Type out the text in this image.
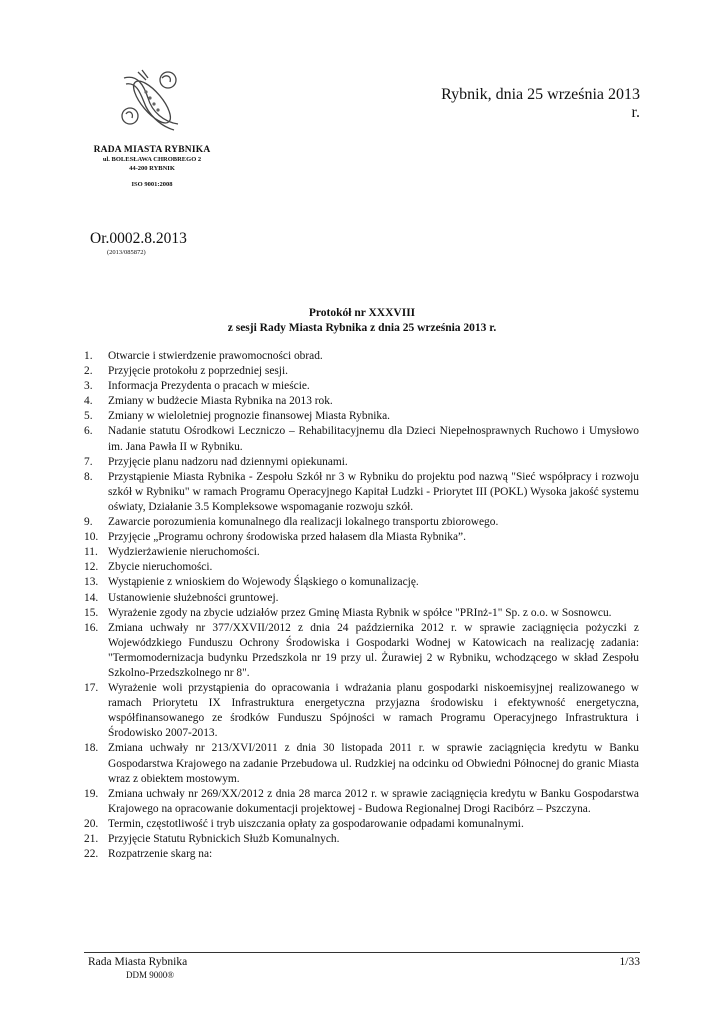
RADA MIASTA RYBNIKA
ul. BOLESŁAWA CHROBREGO 2
44-200 RYBNIK
ISO 9001:2008
Rybnik, dnia 25 września 2013 r.
Or.0002.8.2013
(2013/085872)
Protokół nr XXXVIII
z sesji Rady Miasta Rybnika z dnia 25 września 2013 r.
1.	Otwarcie i stwierdzenie prawomocności obrad.
2.	Przyjęcie protokołu z poprzedniej sesji.
3.	Informacja Prezydenta o pracach w mieście.
4.	Zmiany w budżecie Miasta Rybnika na 2013 rok.
5.	Zmiany w wieloletniej prognozie finansowej Miasta Rybnika.
6.	Nadanie statutu Ośrodkowi Leczniczo – Rehabilitacyjnemu dla Dzieci Niepełnosprawnych Ruchowo i Umysłowo im. Jana Pawła II w Rybniku.
7.	Przyjęcie planu nadzoru nad dziennymi opiekunami.
8.	Przystąpienie Miasta Rybnika - Zespołu Szkół nr 3 w Rybniku do projektu pod nazwą "Sieć współpracy i rozwoju szkół w Rybniku" w ramach Programu Operacyjnego Kapitał Ludzki - Priorytet III (POKL) Wysoka jakość systemu oświaty, Działanie 3.5 Kompleksowe wspomaganie rozwoju szkół.
9.	Zawarcie porozumienia komunalnego dla realizacji lokalnego transportu zbiorowego.
10. Przyjęcie „Programu ochrony środowiska przed hałasem dla Miasta Rybnika”.
11. Wydzierżawienie nieruchomości.
12. Zbycie nieruchomości.
13. Wystąpienie z wnioskiem do Wojewody Śląskiego o komunalizację.
14. Ustanowienie służebności gruntowej.
15. Wyrażenie zgody na zbycie udziałów przez Gminę Miasta Rybnik w spółce "PRInż-1" Sp. z o.o. w Sosnowcu.
16. Zmiana uchwały nr 377/XXVII/2012 z dnia 24 października 2012 r. w sprawie zaciągnięcia pożyczki z Wojewódzkiego Funduszu Ochrony Środowiska i Gospodarki Wodnej w Katowicach na realizację zadania: "Termomodernizacja budynku Przedszkola nr 19 przy ul. Żurawiej 2 w Rybniku, wchodzącego w skład Zespołu Szkolno-Przedszkolnego nr 8".
17. Wyrażenie woli przystąpienia do opracowania i wdrażania planu gospodarki niskoemisyjnej realizowanego w ramach Priorytetu IX Infrastruktura energetyczna przyjazna środowisku i efektywność energetyczna, współfinansowanego ze środków Funduszu Spójności w ramach Programu Operacyjnego Infrastruktura i Środowisko 2007-2013.
18. Zmiana uchwały nr 213/XVI/2011 z dnia 30 listopada 2011 r. w sprawie zaciągnięcia kredytu w Banku Gospodarstwa Krajowego na zadanie Przebudowa ul. Rudzkiej na odcinku od Obwiedni Północnej do granic Miasta wraz z obiektem mostowym.
19. Zmiana uchwały nr 269/XX/2012 z dnia 28 marca 2012 r. w sprawie zaciągnięcia kredytu w Banku Gospodarstwa Krajowego na opracowanie dokumentacji projektowej - Budowa Regionalnej Drogi Racibórz – Pszczyna.
20. Termin, częstotliwość i tryb uiszczania opłaty za gospodarowanie odpadami komunalnymi.
21. Przyjęcie Statutu Rybnickich Służb Komunalnych.
22. Rozpatrzenie skarg na:
Rada Miasta Rybnika
DDM 9000®
1/33
